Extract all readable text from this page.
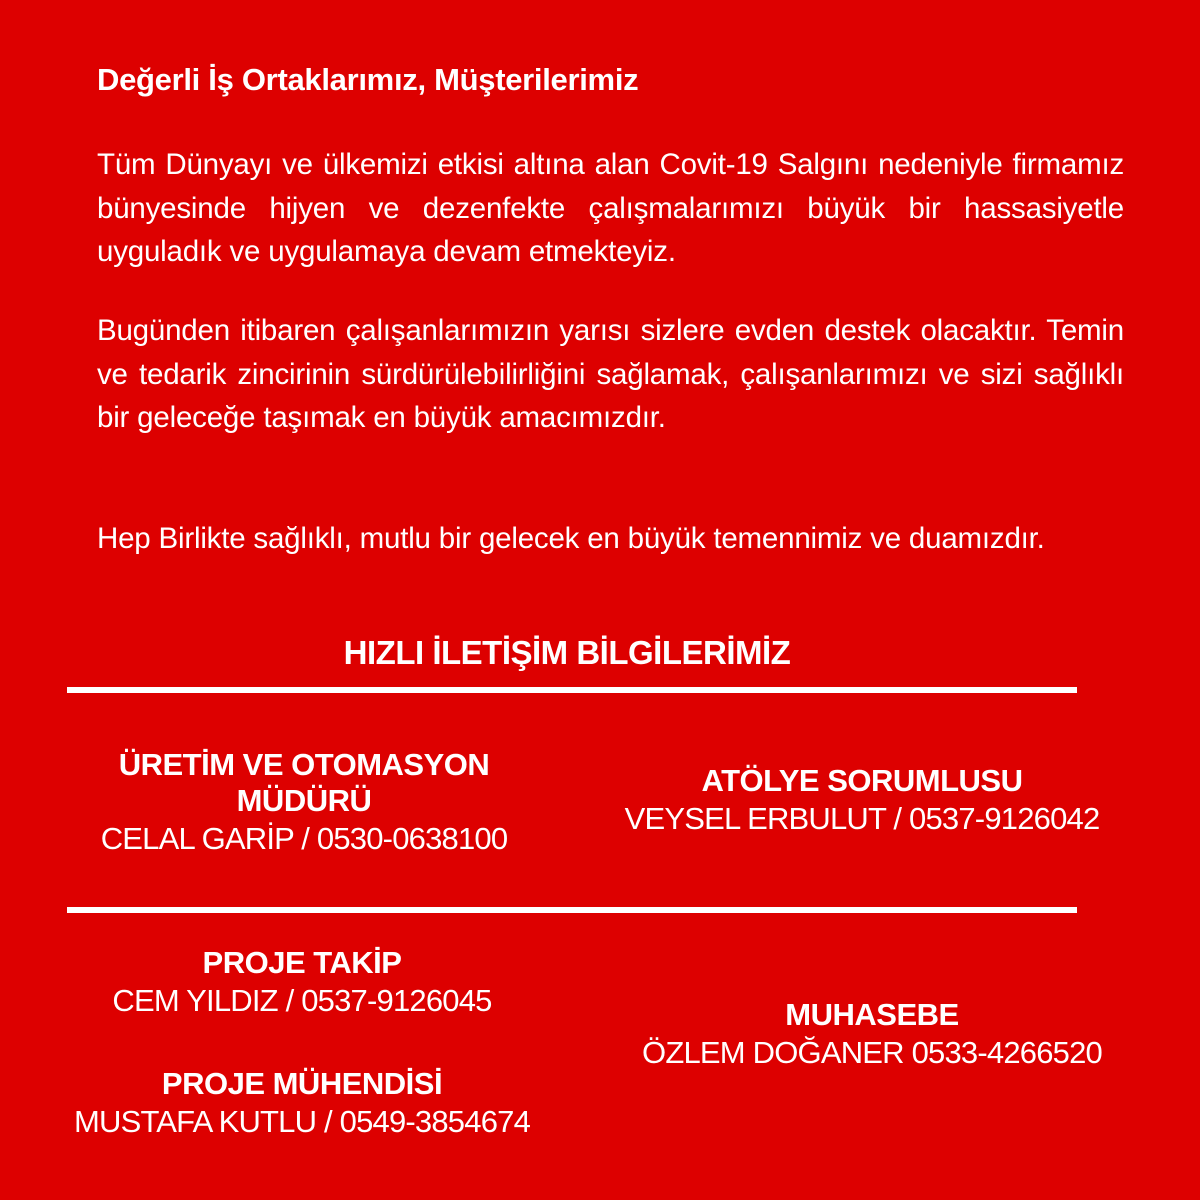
Değerli İş Ortaklarımız, Müşterilerimiz

Tüm Dünyayı ve ülkemizi etkisi altına alan Covit-19 Salgını nedeniyle firmamız bünyesinde hijyen ve dezenfekte çalışmalarımızı büyük bir hassasiyetle uyguladık ve uygulamaya devam etmekteyiz.

Bugünden itibaren çalışanlarımızın yarısı sizlere evden destek olacaktır. Temin ve tedarik zincirinin sürdürülebilirliğini sağlamak, çalışanlarımızı ve sizi sağlıklı bir geleceğe taşımak en büyük amacımızdır.

Hep Birlikte sağlıklı, mutlu bir gelecek en büyük temennimiz ve duamızdır.

HIZLI İLETİŞİM BİLGİLERİMİZ
ÜRETİM VE OTOMASYON
MÜDÜRÜ
CELAL GARİP / 0530-0638100
ATÖLYE SORUMLUSU
VEYSEL ERBULUT / 0537-9126042
PROJE TAKİP
CEM YILDIZ / 0537-9126045
PROJE MÜHENDİSİ
MUSTAFA KUTLU / 0549-3854674
MUHASEBE
ÖZLEM DOĞANER 0533-4266520
